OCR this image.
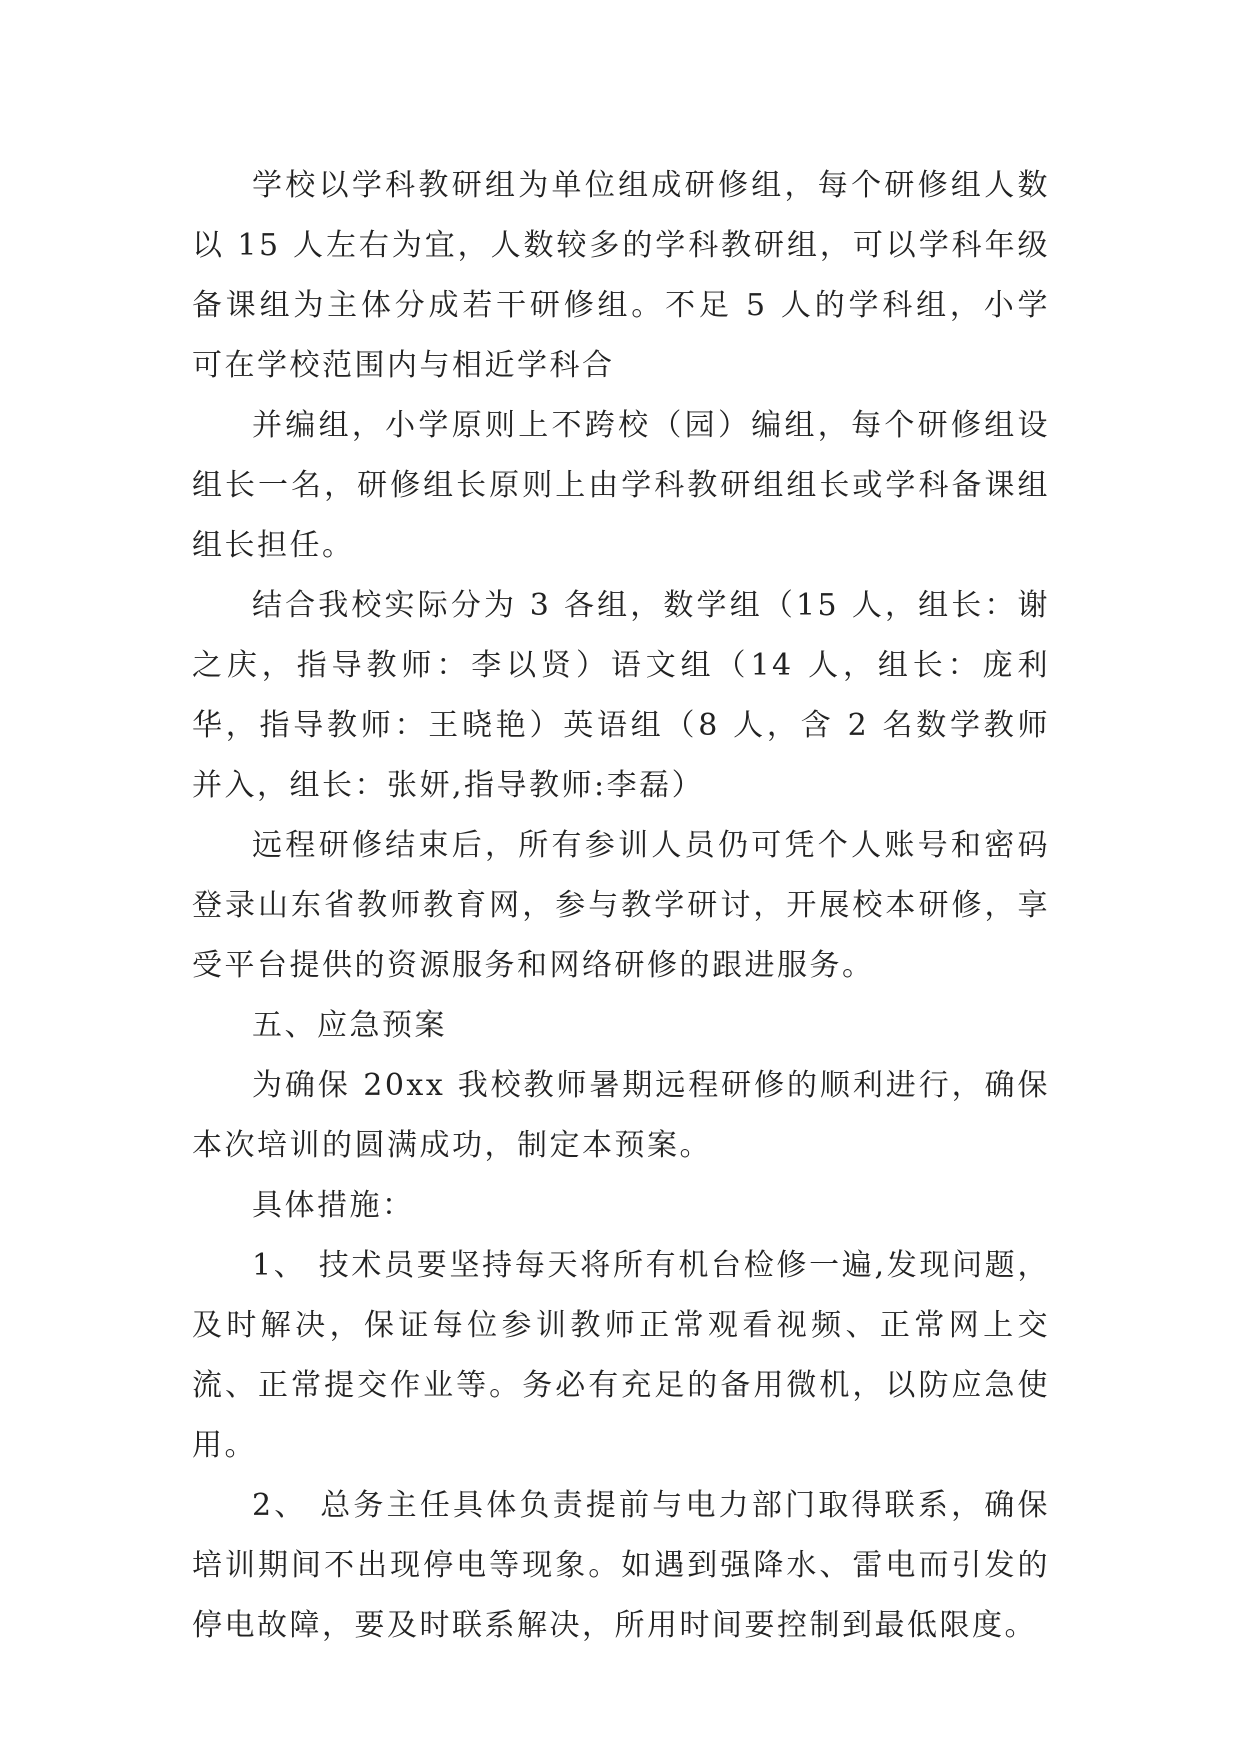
学校以学科教研组为单位组成研修组，每个研修组人数以 15 人左右为宜，人数较多的学科教研组，可以学科年级备课组为主体分成若干研修组。不足 5 人的学科组，小学可在学校范围内与相近学科合

并编组，小学原则上不跨校（园）编组，每个研修组设组长一名，研修组长原则上由学科教研组组长或学科备课组组长担任。

结合我校实际分为 3 各组，数学组（15 人，组长：谢之庆，指导教师：李以贤）语文组（14 人，组长：庞利华，指导教师：王晓艳）英语组（8 人，含 2 名数学教师并入，组长：张妍,指导教师:李磊）

远程研修结束后，所有参训人员仍可凭个人账号和密码登录山东省教师教育网，参与教学研讨，开展校本研修，享受平台提供的资源服务和网络研修的跟进服务。

五、应急预案

为确保 20xx 我校教师暑期远程研修的顺利进行，确保本次培训的圆满成功，制定本预案。

具体措施：

1、 技术员要坚持每天将所有机台检修一遍,发现问题，及时解决，保证每位参训教师正常观看视频、正常网上交流、正常提交作业等。务必有充足的备用微机，以防应急使用。

2、 总务主任具体负责提前与电力部门取得联系，确保培训期间不出现停电等现象。如遇到强降水、雷电而引发的停电故障，要及时联系解决，所用时间要控制到最低限度。
